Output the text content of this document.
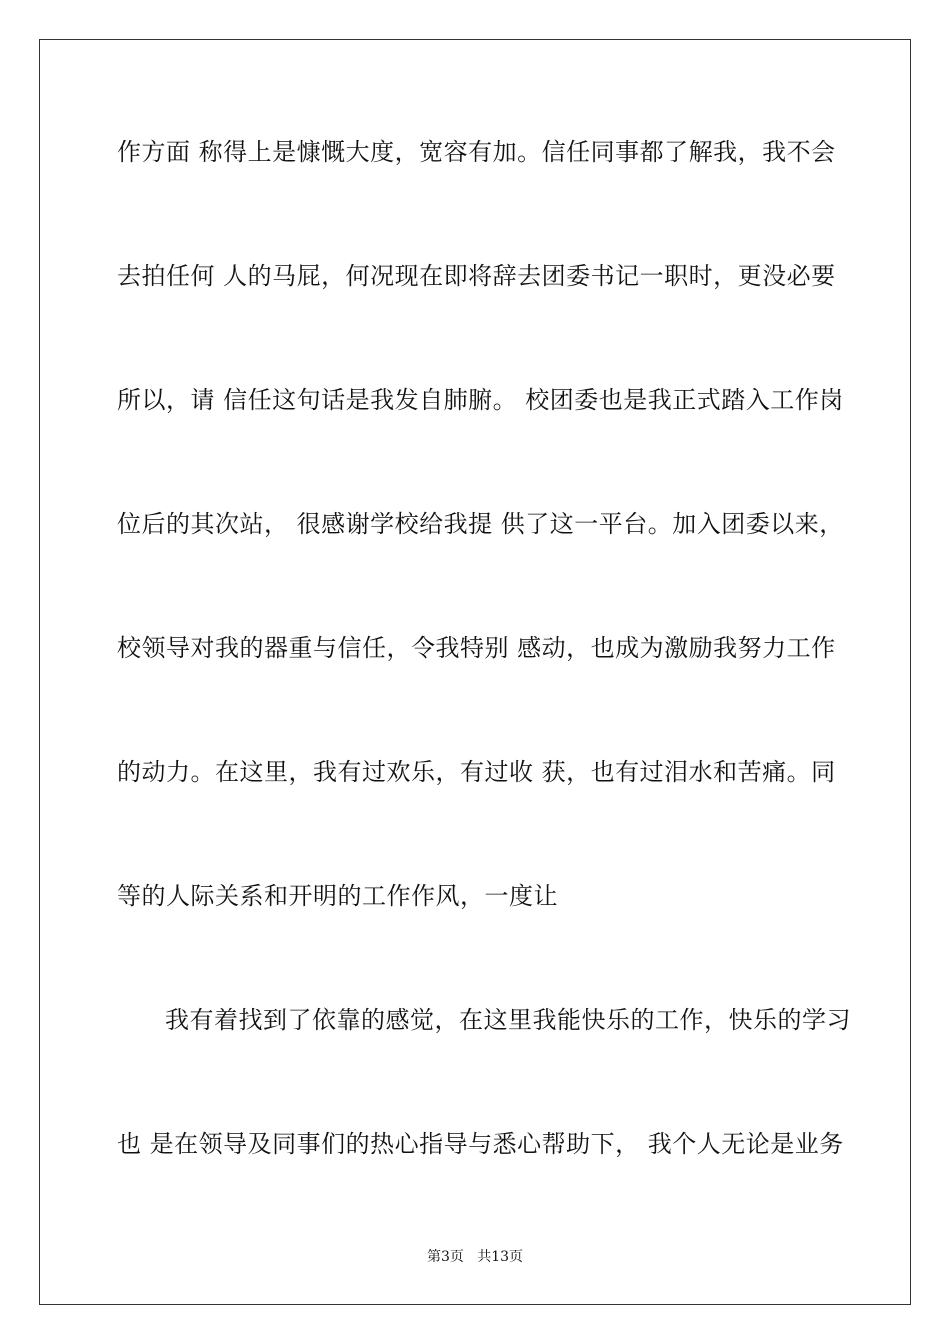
作方面 称得上是慷慨大度，宽容有加。信任同事都了解我，我不会
去拍任何 人的马屁，何况现在即将辞去团委书记一职时，更没必要
所以，请 信任这句话是我发自肺腑。 校团委也是我正式踏入工作岗
位后的其次站， 很感谢学校给我提 供了这一平台。加入团委以来，
校领导对我的器重与信任，令我特别 感动，也成为激励我努力工作
的动力。在这里，我有过欢乐，有过收 获，也有过泪水和苦痛。同
等的人际关系和开明的工作作风，一度让
我有着找到了依靠的感觉，在这里我能快乐的工作，快乐的学习
也 是在领导及同事们的热心指导与悉心帮助下， 我个人无论是业务
第3页   共13页
